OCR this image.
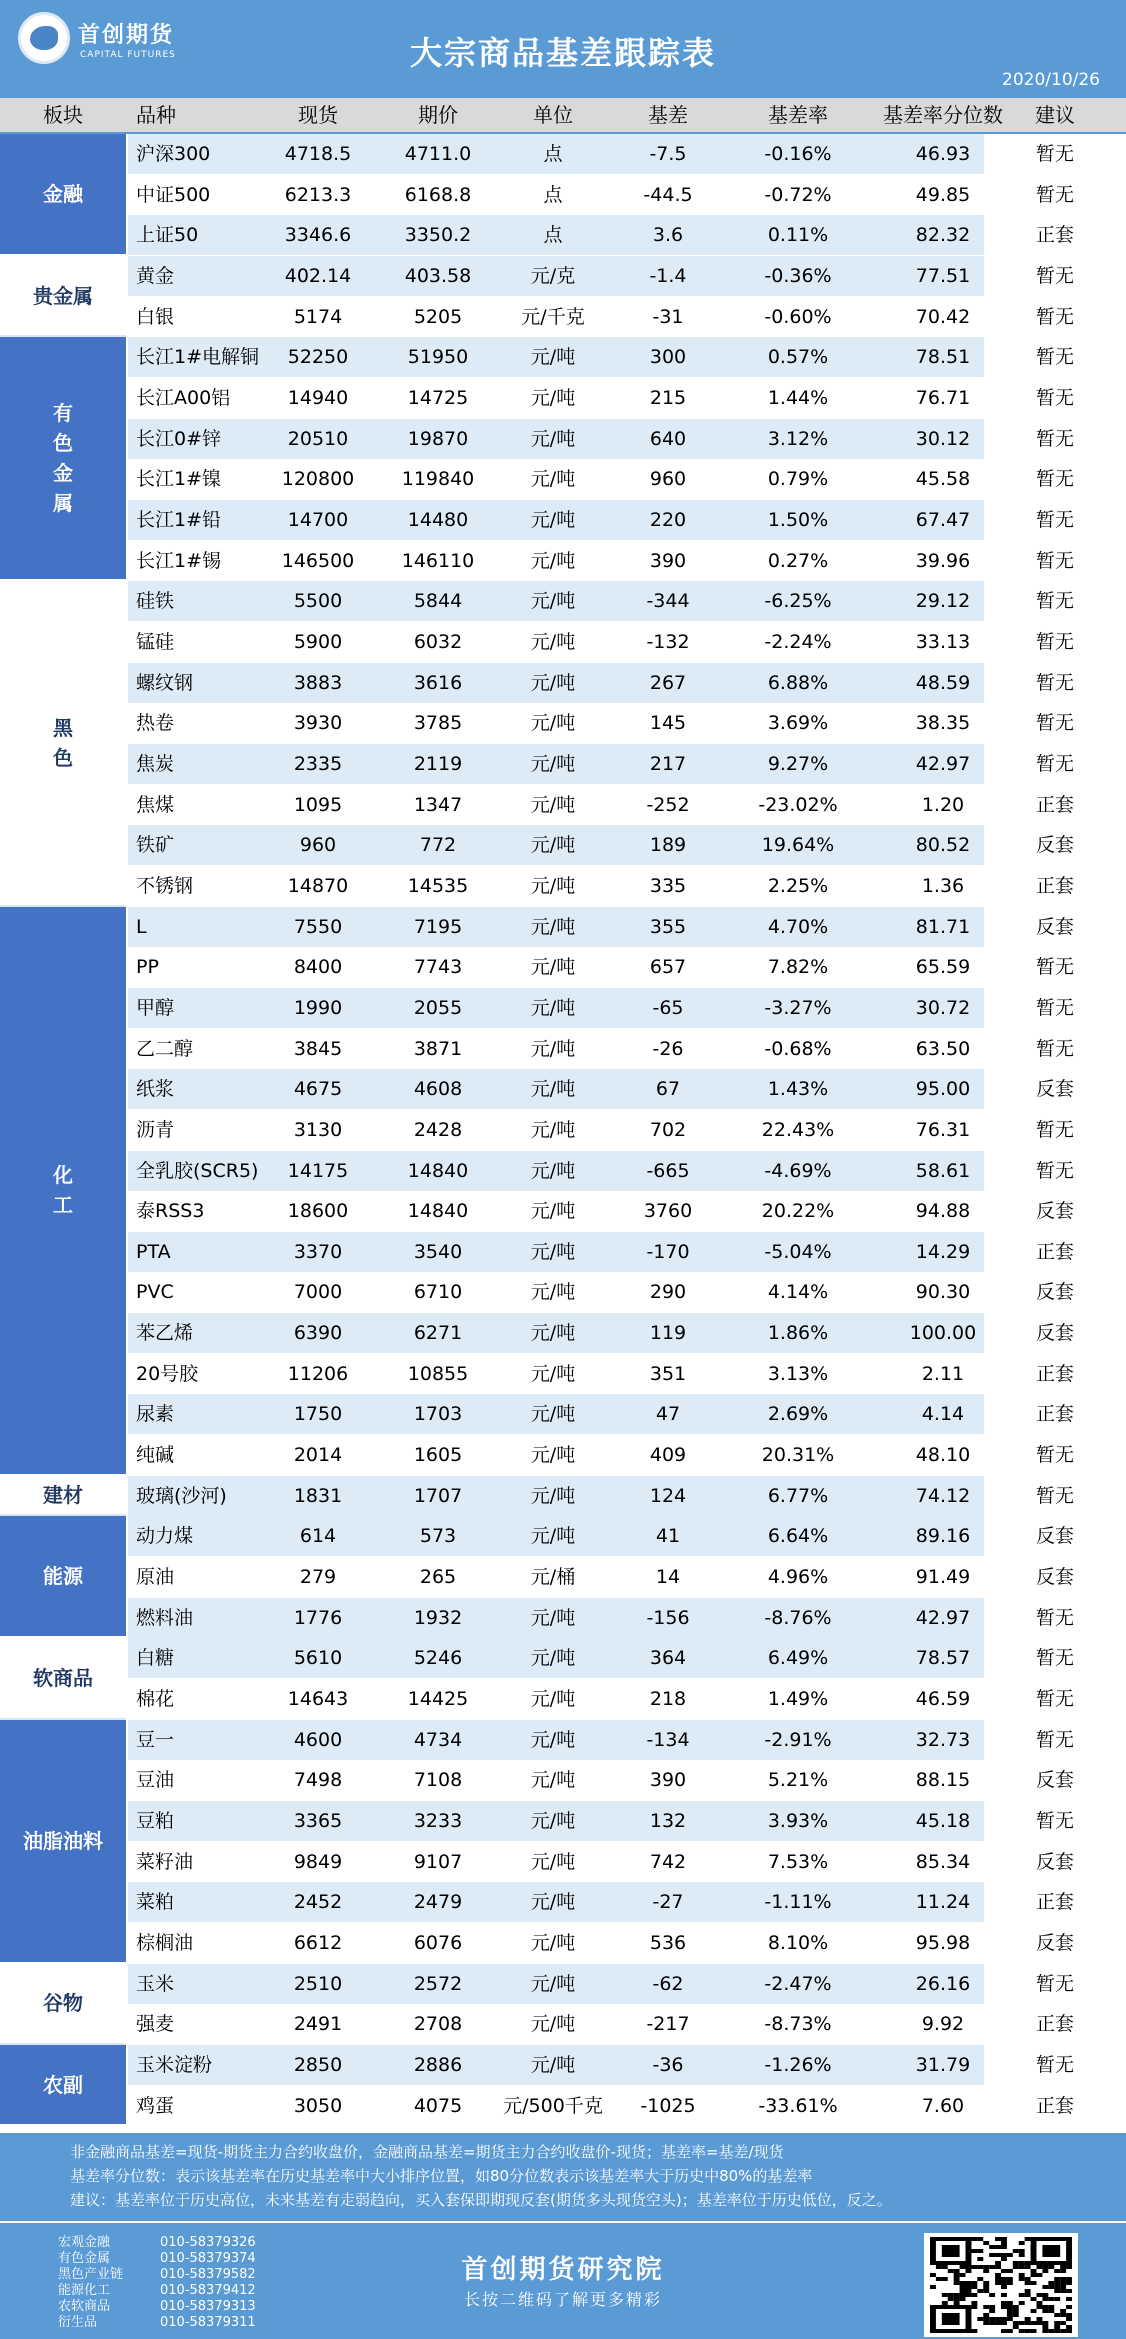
首创期货
CAPITAL FUTURES	大宗商品基差跟踪表
2020/10/26
板块	品种	现货	期价	单位	基差	基差率	基差率分位数	建议
金融
沪深300	4718.5	4711.0	点	-7.5	-0.16%	46.93	暂无
中证500	6213.3	6168.8	点	-44.5	-0.72%	49.85	暂无
上证50	3346.6	3350.2	点	3.6	0.11%	82.32	正套
贵金属
黄金	402.14	403.58	元/克	-1.4	-0.36%	77.51	暂无
白银	5174	5205	元/千克	-31	-0.60%	70.42	暂无
有色金属
长江1#电解铜	52250	51950	元/吨	300	0.57%	78.51	暂无
长江A00铝	14940	14725	元/吨	215	1.44%	76.71	暂无
长江0#锌	20510	19870	元/吨	640	3.12%	30.12	暂无
长江1#镍	120800	119840	元/吨	960	0.79%	45.58	暂无
长江1#铅	14700	14480	元/吨	220	1.50%	67.47	暂无
长江1#锡	146500	146110	元/吨	390	0.27%	39.96	暂无
黑色
硅铁	5500	5844	元/吨	-344	-6.25%	29.12	暂无
锰硅	5900	6032	元/吨	-132	-2.24%	33.13	暂无
螺纹钢	3883	3616	元/吨	267	6.88%	48.59	暂无
热卷	3930	3785	元/吨	145	3.69%	38.35	暂无
焦炭	2335	2119	元/吨	217	9.27%	42.97	暂无
焦煤	1095	1347	元/吨	-252	-23.02%	1.20	正套
铁矿	960	772	元/吨	189	19.64%	80.52	反套
不锈钢	14870	14535	元/吨	335	2.25%	1.36	正套
化工
L	7550	7195	元/吨	355	4.70%	81.71	反套
PP	8400	7743	元/吨	657	7.82%	65.59	暂无
甲醇	1990	2055	元/吨	-65	-3.27%	30.72	暂无
乙二醇	3845	3871	元/吨	-26	-0.68%	63.50	暂无
纸浆	4675	4608	元/吨	67	1.43%	95.00	反套
沥青	3130	2428	元/吨	702	22.43%	76.31	暂无
全乳胶(SCR5)	14175	14840	元/吨	-665	-4.69%	58.61	暂无
泰RSS3	18600	14840	元/吨	3760	20.22%	94.88	反套
PTA	3370	3540	元/吨	-170	-5.04%	14.29	正套
PVC	7000	6710	元/吨	290	4.14%	90.30	反套
苯乙烯	6390	6271	元/吨	119	1.86%	100.00	反套
20号胶	11206	10855	元/吨	351	3.13%	2.11	正套
尿素	1750	1703	元/吨	47	2.69%	4.14	正套
纯碱	2014	1605	元/吨	409	20.31%	48.10	暂无
建材	玻璃(沙河)	1831	1707	元/吨	124	6.77%	74.12	暂无
能源
动力煤	614	573	元/吨	41	6.64%	89.16	反套
原油	279	265	元/桶	14	4.96%	91.49	反套
燃料油	1776	1932	元/吨	-156	-8.76%	42.97	暂无
软商品
白糖	5610	5246	元/吨	364	6.49%	78.57	暂无
棉花	14643	14425	元/吨	218	1.49%	46.59	暂无
油脂油料
豆一	4600	4734	元/吨	-134	-2.91%	32.73	暂无
豆油	7498	7108	元/吨	390	5.21%	88.15	反套
豆粕	3365	3233	元/吨	132	3.93%	45.18	暂无
菜籽油	9849	9107	元/吨	742	7.53%	85.34	反套
菜粕	2452	2479	元/吨	-27	-1.11%	11.24	正套
棕榈油	6612	6076	元/吨	536	8.10%	95.98	反套
谷物
玉米	2510	2572	元/吨	-62	-2.47%	26.16	暂无
强麦	2491	2708	元/吨	-217	-8.73%	9.92	正套
农副
玉米淀粉	2850	2886	元/吨	-36	-1.26%	31.79	暂无
鸡蛋	3050	4075	元/500千克	-1025	-33.61%	7.60	正套
非金融商品基差=现货-期货主力合约收盘价，金融商品基差=期货主力合约收盘价-现货；基差率=基差/现货
基差率分位数：表示该基差率在历史基差率中大小排序位置，如80分位数表示该基差率大于历史中80%的基差率
建议：基差率位于历史高位，未来基差有走弱趋向，买入套保即期现反套(期货多头现货空头)；基差率位于历史低位，反之。
宏观金融	010-58379326
有色金属	010-58379374
黑色产业链	010-58379582
能源化工	010-58379412
农软商品	010-58379313
衍生品	010-58379311
首创期货研究院
长按二维码了解更多精彩
